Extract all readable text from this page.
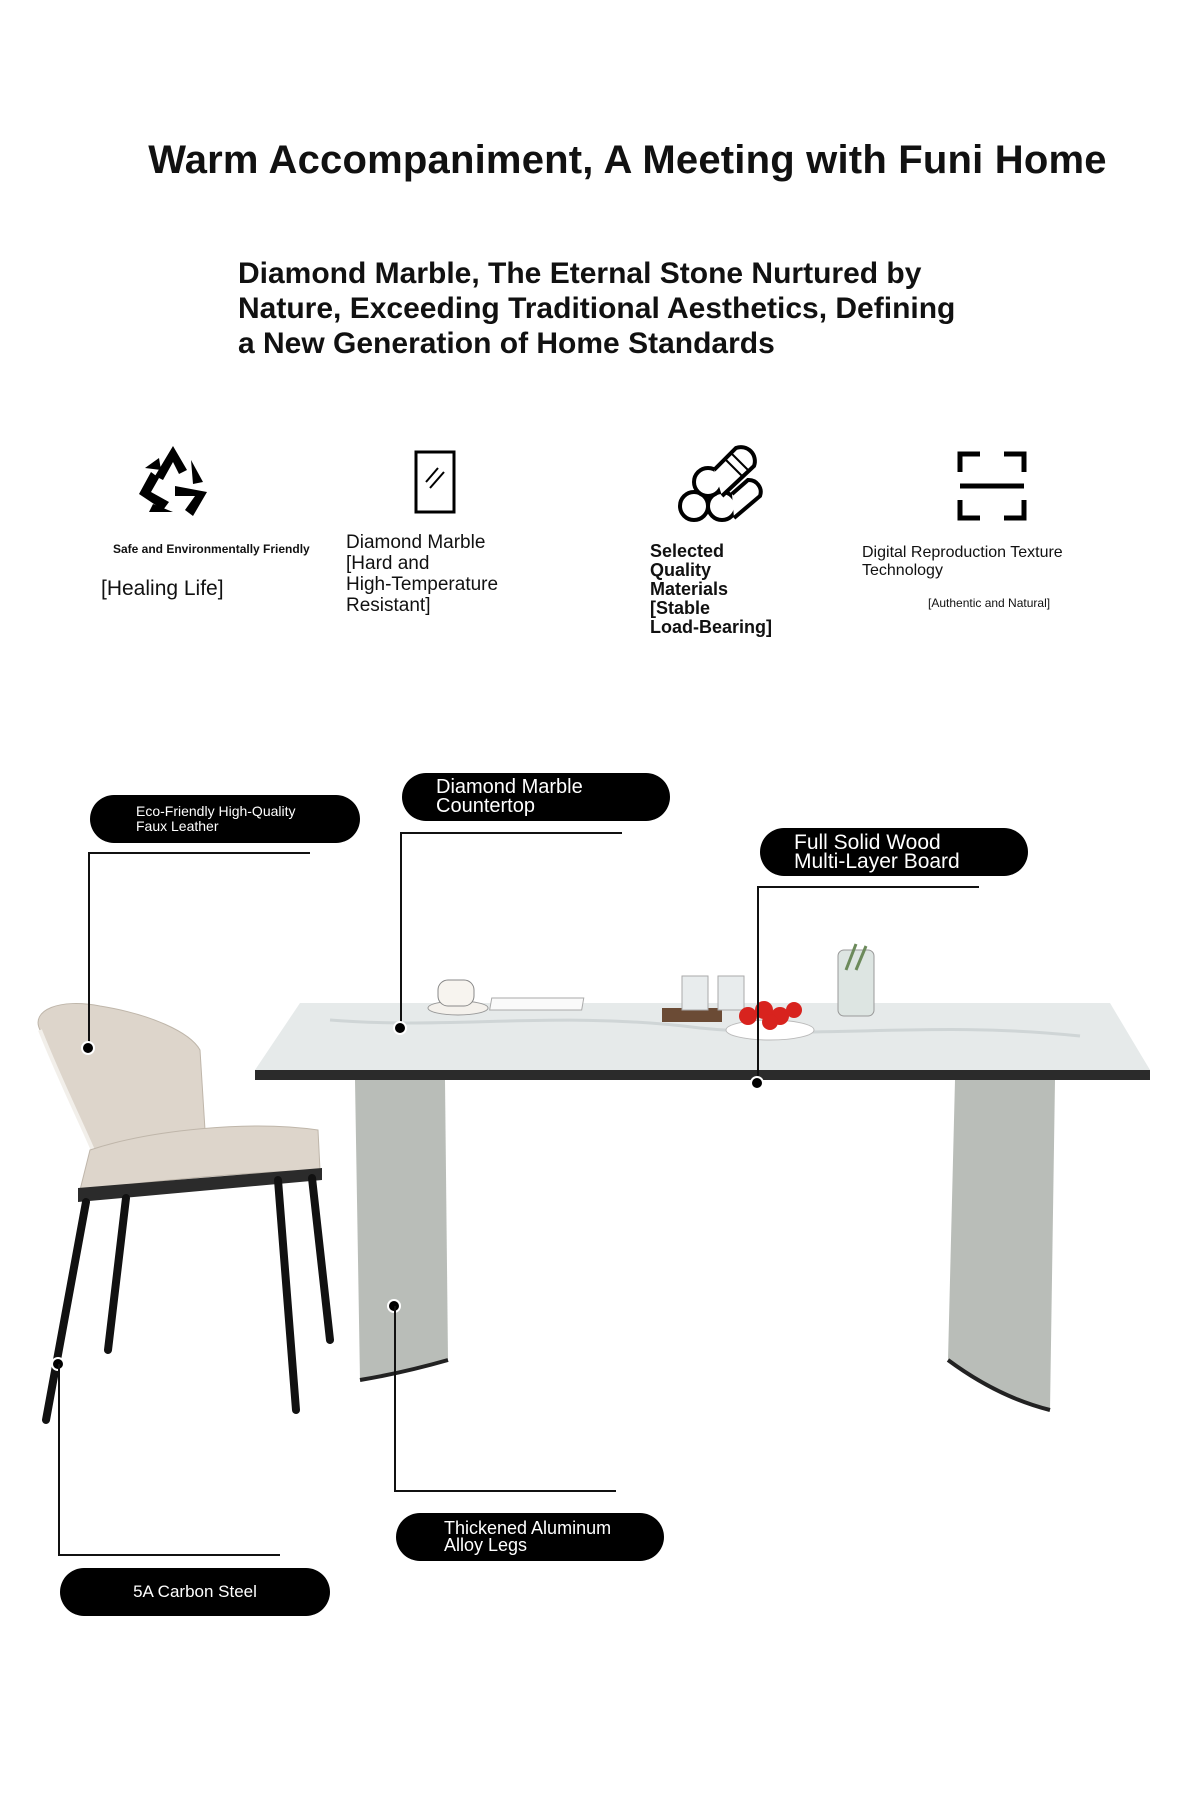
Warm Accompaniment, A Meeting with Funi Home
Diamond Marble, The Eternal Stone Nurtured by
Nature, Exceeding Traditional Aesthetics, Defining
a New Generation of Home Standards
Safe and Environmentally Friendly
[Healing Life]
Diamond Marble
[Hard and
High-Temperature
Resistant]
Selected
Quality
Materials
[Stable
Load-Bearing]
Digital Reproduction Texture
Technology
[Authentic and Natural]
Eco-Friendly High-Quality
Faux Leather
Diamond Marble
Countertop
Full Solid Wood
Multi-Layer Board
Thickened Aluminum
Alloy Legs
5A Carbon Steel
